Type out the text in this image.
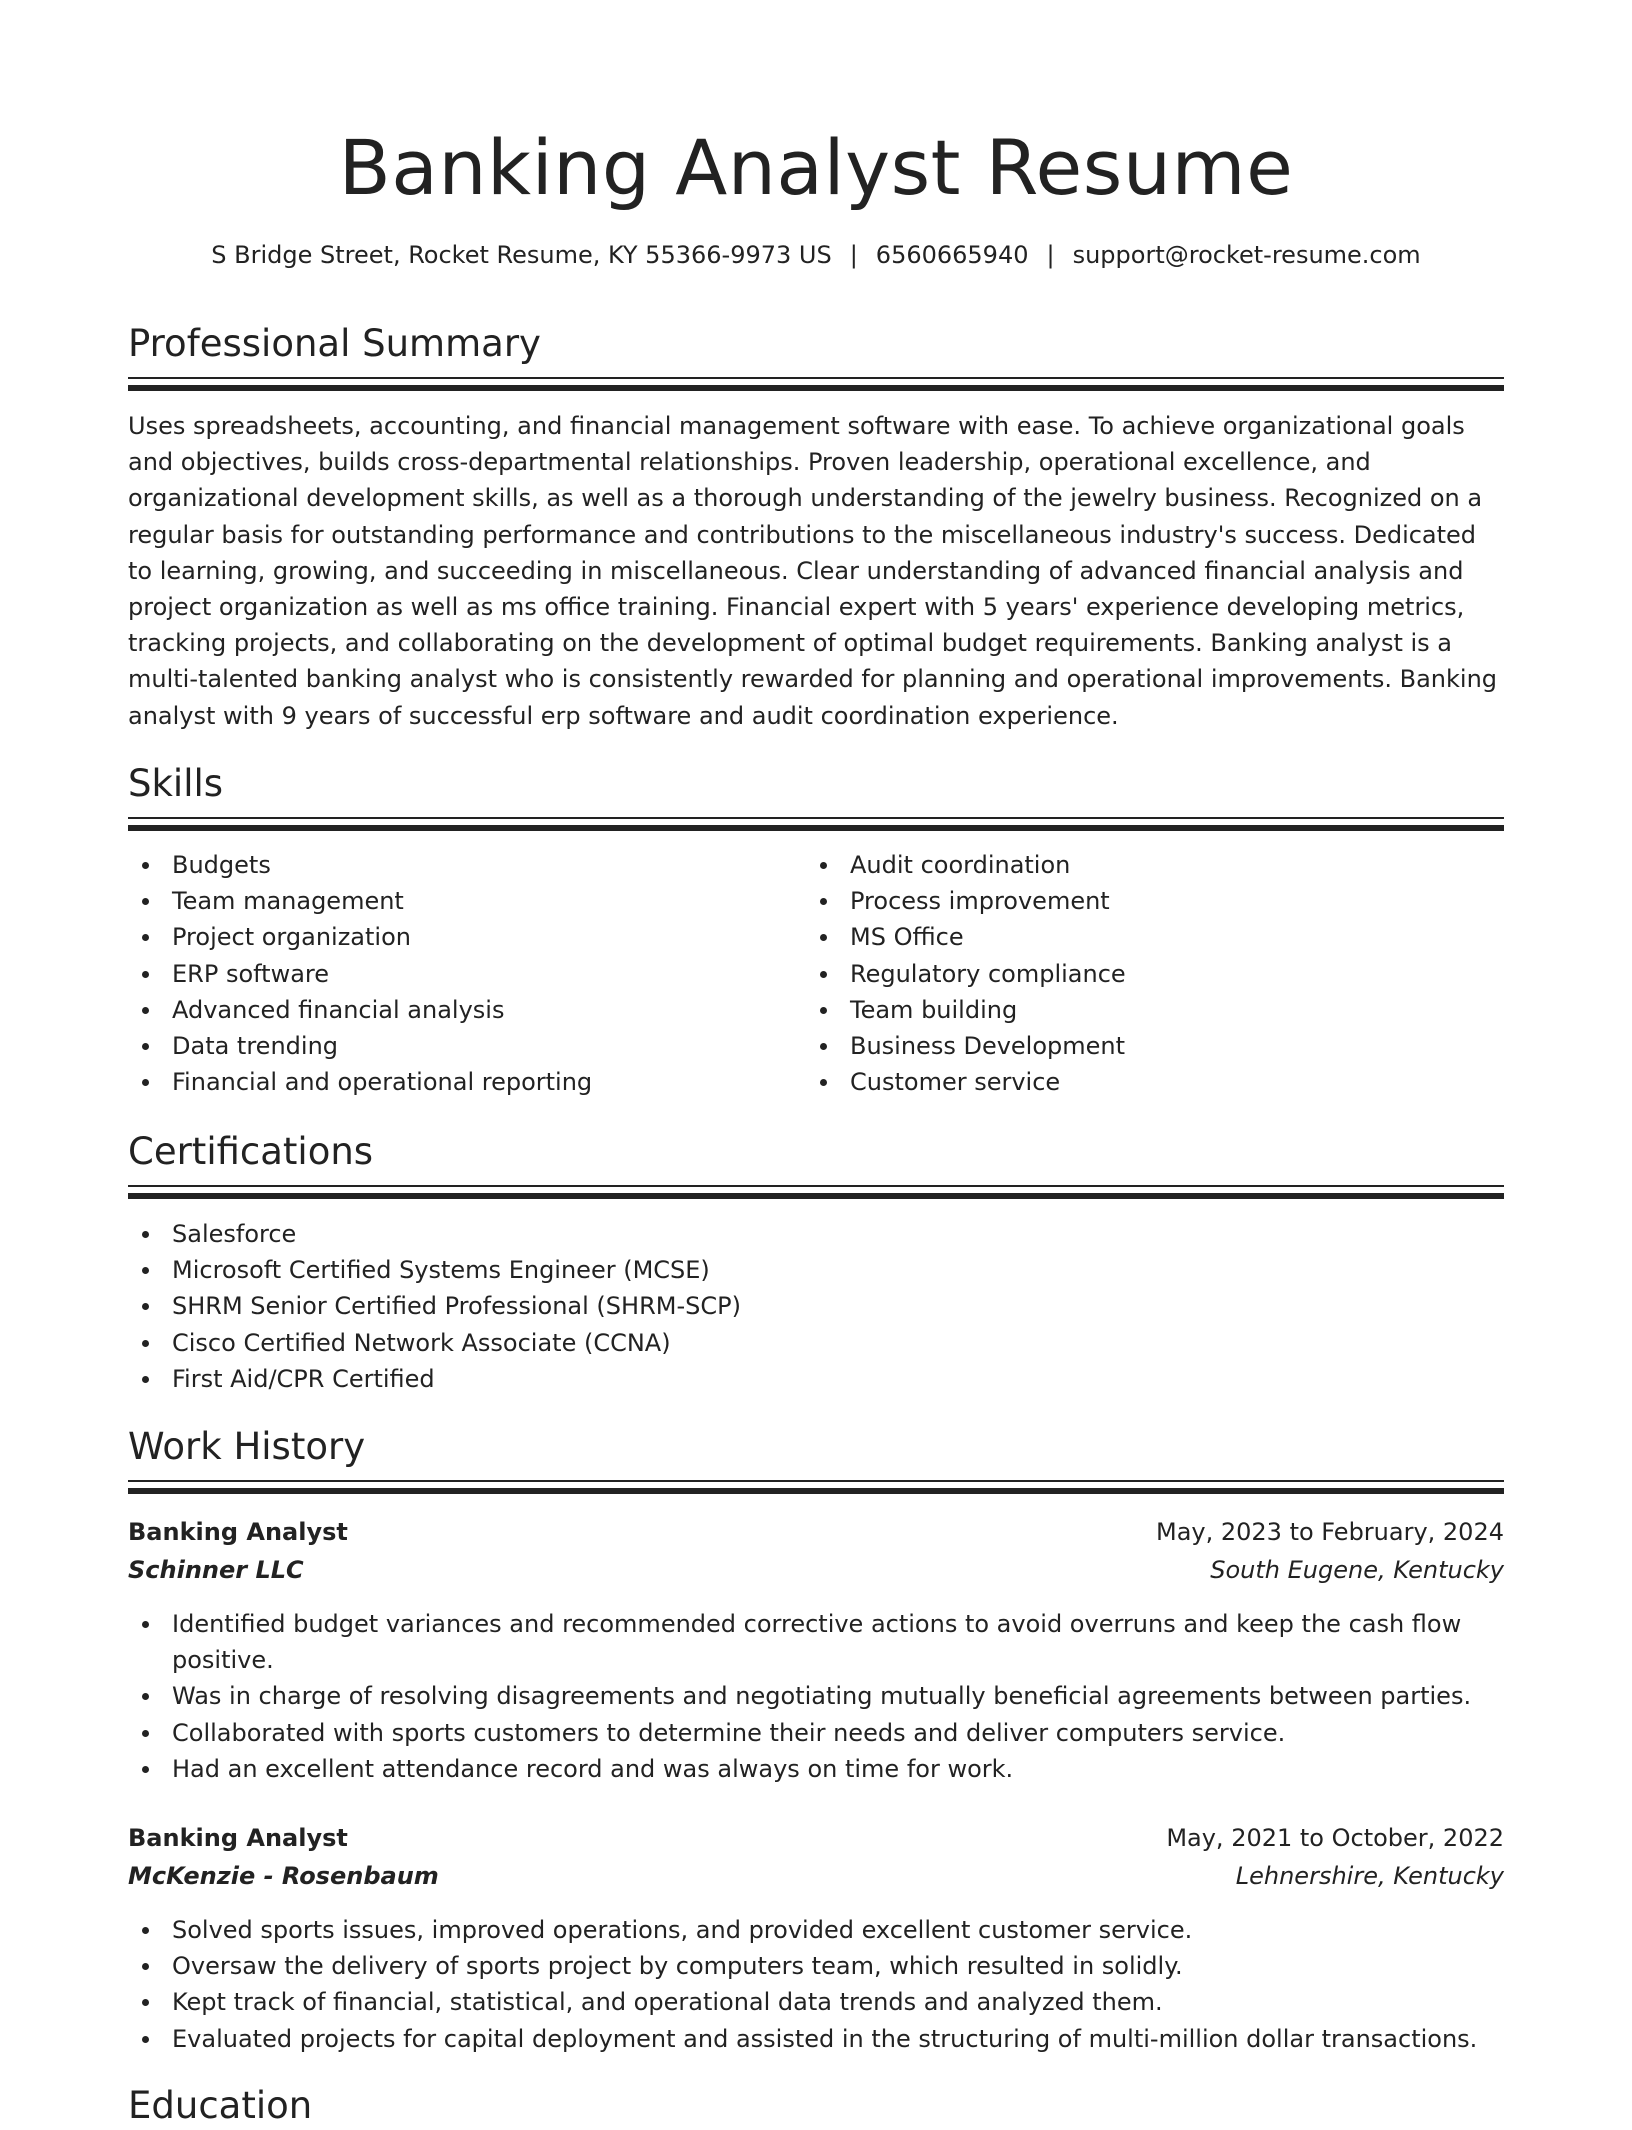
Banking Analyst Resume
S Bridge Street, Rocket Resume, KY 55366-9973 US | 6560665940 | support@rocket-resume.com
Professional Summary

Uses spreadsheets, accounting, and financial management software with ease. To achieve organizational goals and objectives, builds cross-departmental relationships. Proven leadership, operational excellence, and organizational development skills, as well as a thorough understanding of the jewelry business. Recognized on a regular basis for outstanding performance and contributions to the miscellaneous industry's success. Dedicated to learning, growing, and succeeding in miscellaneous. Clear understanding of advanced financial analysis and project organization as well as ms office training. Financial expert with 5 years' experience developing metrics, tracking projects, and collaborating on the development of optimal budget requirements. Banking analyst is a multi-talented banking analyst who is consistently rewarded for planning and operational improvements. Banking analyst with 9 years of successful erp software and audit coordination experience.

Skills
Budgets
Team management
Project organization
ERP software
Advanced financial analysis
Data trending
Financial and operational reporting
Audit coordination
Process improvement
MS Office
Regulatory compliance
Team building
Business Development
Customer service
Certifications
Salesforce
Microsoft Certified Systems Engineer (MCSE)
SHRM Senior Certified Professional (SHRM-SCP)
Cisco Certified Network Associate (CCNA)
First Aid/CPR Certified
Work History
Banking Analyst	May, 2023 to February, 2024
Schinner LLC	South Eugene, Kentucky
Identified budget variances and recommended corrective actions to avoid overruns and keep the cash flow positive.
Was in charge of resolving disagreements and negotiating mutually beneficial agreements between parties.
Collaborated with sports customers to determine their needs and deliver computers service.
Had an excellent attendance record and was always on time for work.
Banking Analyst	May, 2021 to October, 2022
McKenzie - Rosenbaum	Lehnershire, Kentucky
Solved sports issues, improved operations, and provided excellent customer service.
Oversaw the delivery of sports project by computers team, which resulted in solidly.
Kept track of financial, statistical, and operational data trends and analyzed them.
Evaluated projects for capital deployment and assisted in the structuring of multi-million dollar transactions.
Education
